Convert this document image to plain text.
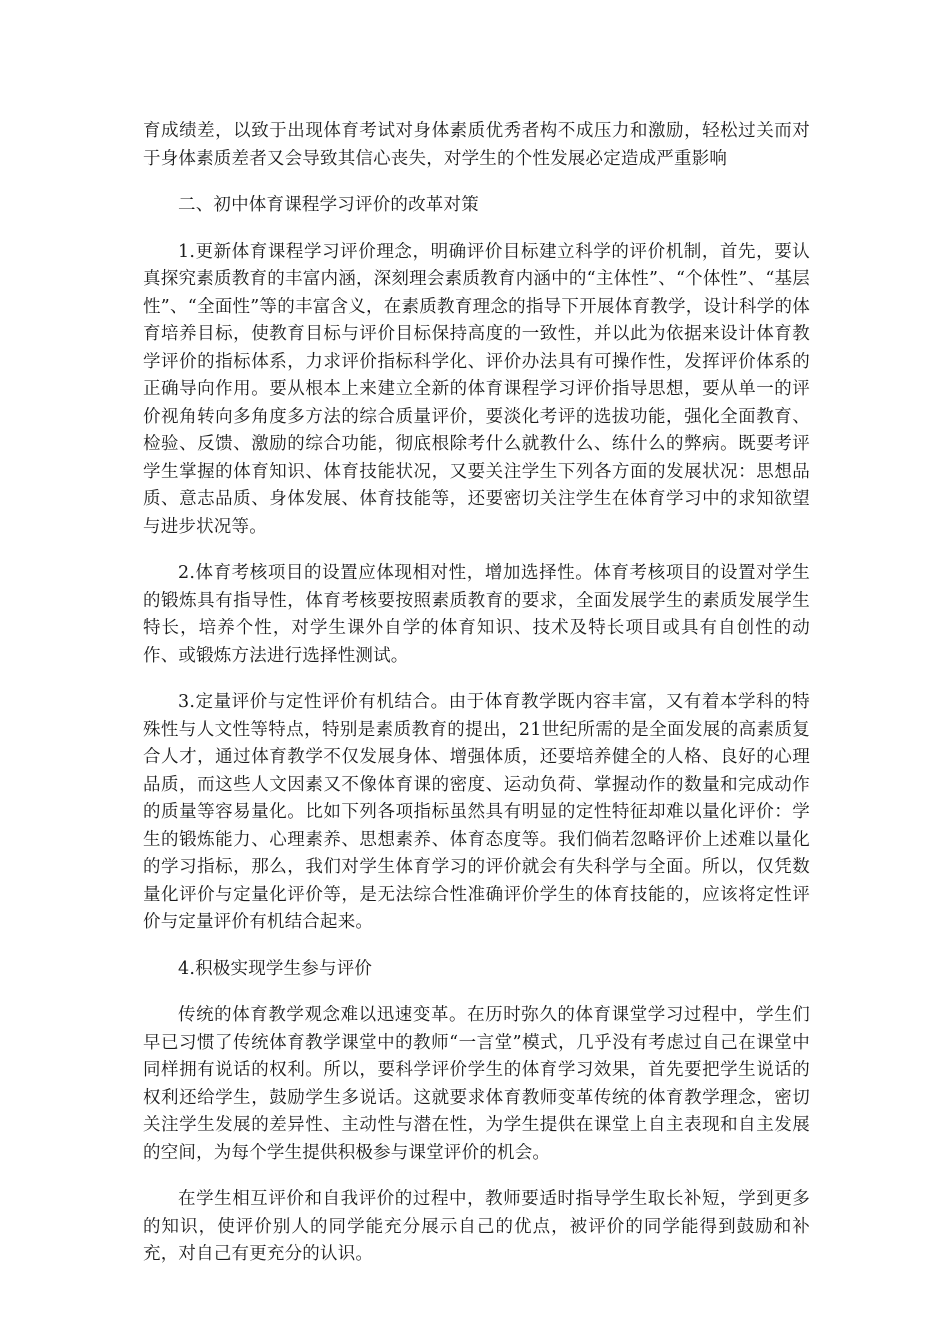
育成绩差，以致于出现体育考试对身体素质优秀者构不成压力和激励，轻松过关而对于身体素质差者又会导致其信心丧失，对学生的个性发展必定造成严重影响

二、初中体育课程学习评价的改革对策

1.更新体育课程学习评价理念，明确评价目标建立科学的评价机制，首先，要认真探究素质教育的丰富内涵，深刻理会素质教育内涵中的“主体性”、“个体性”、“基层性”、“全面性”等的丰富含义，在素质教育理念的指导下开展体育教学，设计科学的体育培养目标，使教育目标与评价目标保持高度的一致性，并以此为依据来设计体育教学评价的指标体系，力求评价指标科学化、评价办法具有可操作性，发挥评价体系的正确导向作用。要从根本上来建立全新的体育课程学习评价指导思想，要从单一的评价视角转向多角度多方法的综合质量评价，要淡化考评的选拔功能，强化全面教育、检验、反馈、激励的综合功能，彻底根除考什么就教什么、练什么的弊病。既要考评学生掌握的体育知识、体育技能状况，又要关注学生下列各方面的发展状况：思想品质、意志品质、身体发展、体育技能等，还要密切关注学生在体育学习中的求知欲望与进步状况等。

2.体育考核项目的设置应体现相对性，增加选择性。体育考核项目的设置对学生的锻炼具有指导性，体育考核要按照素质教育的要求，全面发展学生的素质发展学生特长，培养个性，对学生课外自学的体育知识、技术及特长项目或具有自创性的动作、或锻炼方法进行选择性测试。

3.定量评价与定性评价有机结合。由于体育教学既内容丰富，又有着本学科的特殊性与人文性等特点，特别是素质教育的提出，21世纪所需的是全面发展的高素质复合人才，通过体育教学不仅发展身体、增强体质，还要培养健全的人格、良好的心理品质，而这些人文因素又不像体育课的密度、运动负荷、掌握动作的数量和完成动作的质量等容易量化。比如下列各项指标虽然具有明显的定性特征却难以量化评价：学生的锻炼能力、心理素养、思想素养、体育态度等。我们倘若忽略评价上述难以量化的学习指标，那么，我们对学生体育学习的评价就会有失科学与全面。所以，仅凭数量化评价与定量化评价等，是无法综合性准确评价学生的体育技能的，应该将定性评价与定量评价有机结合起来。

4.积极实现学生参与评价

传统的体育教学观念难以迅速变革。在历时弥久的体育课堂学习过程中，学生们早已习惯了传统体育教学课堂中的教师“一言堂”模式，几乎没有考虑过自己在课堂中同样拥有说话的权利。所以，要科学评价学生的体育学习效果，首先要把学生说话的权利还给学生，鼓励学生多说话。这就要求体育教师变革传统的体育教学理念，密切关注学生发展的差异性、主动性与潜在性，为学生提供在课堂上自主表现和自主发展的空间，为每个学生提供积极参与课堂评价的机会。

在学生相互评价和自我评价的过程中，教师要适时指导学生取长补短，学到更多的知识，使评价别人的同学能充分展示自己的优点，被评价的同学能得到鼓励和补充，对自己有更充分的认识。
